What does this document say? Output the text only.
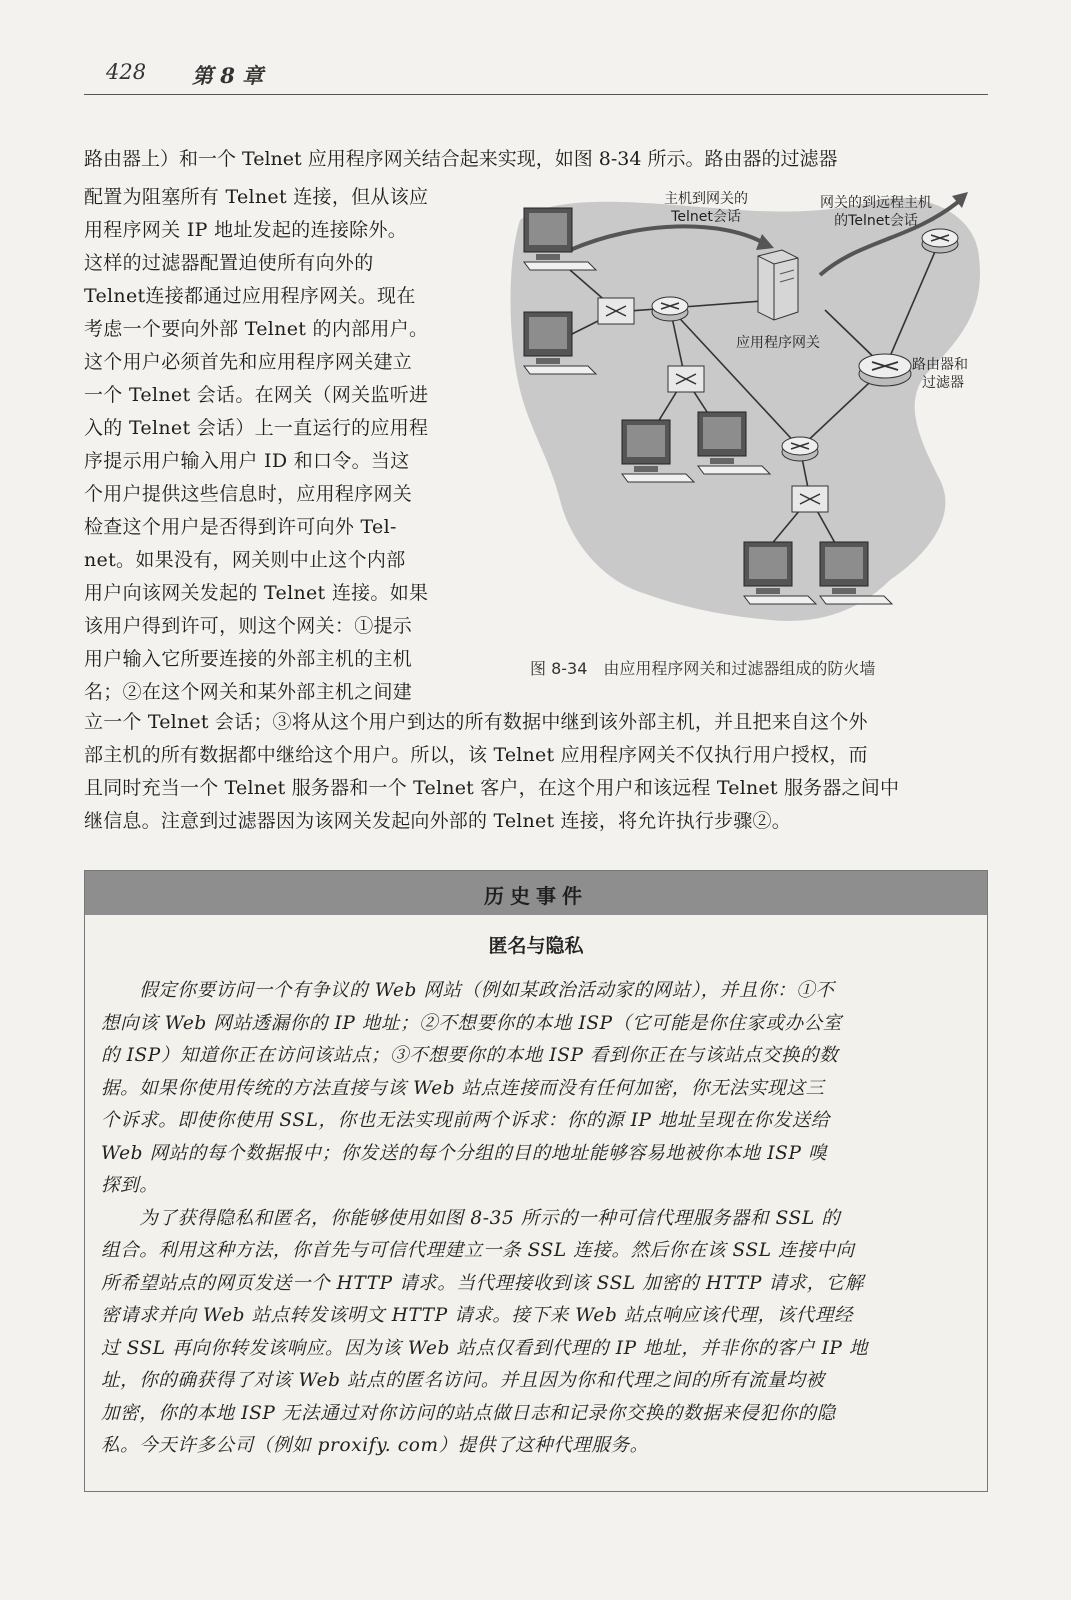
428 第 8 章
路由器上）和一个 Telnet 应用程序网关结合起来实现，如图 8-34 所示。路由器的过滤器
配置为阻塞所有 Telnet 连接，但从该应
用程序网关 IP 地址发起的连接除外。
这样的过滤器配置迫使所有向外的
Telnet连接都通过应用程序网关。现在
考虑一个要向外部 Telnet 的内部用户。
这个用户必须首先和应用程序网关建立
一个 Telnet 会话。在网关（网关监听进
入的 Telnet 会话）上一直运行的应用程
序提示用户输入用户 ID 和口令。当这
个用户提供这些信息时，应用程序网关
检查这个用户是否得到许可向外 Tel-
net。如果没有，网关则中止这个内部
用户向该网关发起的 Telnet 连接。如果
该用户得到许可，则这个网关：①提示
用户输入它所要连接的外部主机的主机
名；②在这个网关和某外部主机之间建
主机到网关的
Telnet会话
网关的到远程主机
的Telnet会话
应用程序网关
路由器和
过滤器
图 8-34　由应用程序网关和过滤器组成的防火墙
立一个 Telnet 会话；③将从这个用户到达的所有数据中继到该外部主机，并且把来自这个外
部主机的所有数据都中继给这个用户。所以，该 Telnet 应用程序网关不仅执行用户授权，而
且同时充当一个 Telnet 服务器和一个 Telnet 客户，在这个用户和该远程 Telnet 服务器之间中
继信息。注意到过滤器因为该网关发起向外部的 Telnet 连接，将允许执行步骤②。
历史事件
匿名与隐私
　　假定你要访问一个有争议的 Web 网站（例如某政治活动家的网站），并且你：①不
想向该 Web 网站透漏你的 IP 地址；②不想要你的本地 ISP（它可能是你住家或办公室
的 ISP）知道你正在访问该站点；③不想要你的本地 ISP 看到你正在与该站点交换的数
据。如果你使用传统的方法直接与该 Web 站点连接而没有任何加密，你无法实现这三
个诉求。即使你使用 SSL，你也无法实现前两个诉求：你的源 IP 地址呈现在你发送给
Web 网站的每个数据报中；你发送的每个分组的目的地址能够容易地被你本地 ISP 嗅
探到。
　　为了获得隐私和匿名，你能够使用如图 8-35 所示的一种可信代理服务器和 SSL 的
组合。利用这种方法，你首先与可信代理建立一条 SSL 连接。然后你在该 SSL 连接中向
所希望站点的网页发送一个 HTTP 请求。当代理接收到该 SSL 加密的 HTTP 请求，它解
密请求并向 Web 站点转发该明文 HTTP 请求。接下来 Web 站点响应该代理，该代理经
过 SSL 再向你转发该响应。因为该 Web 站点仅看到代理的 IP 地址，并非你的客户 IP 地
址，你的确获得了对该 Web 站点的匿名访问。并且因为你和代理之间的所有流量均被
加密，你的本地 ISP 无法通过对你访问的站点做日志和记录你交换的数据来侵犯你的隐
私。今天许多公司（例如 proxify. com）提供了这种代理服务。
